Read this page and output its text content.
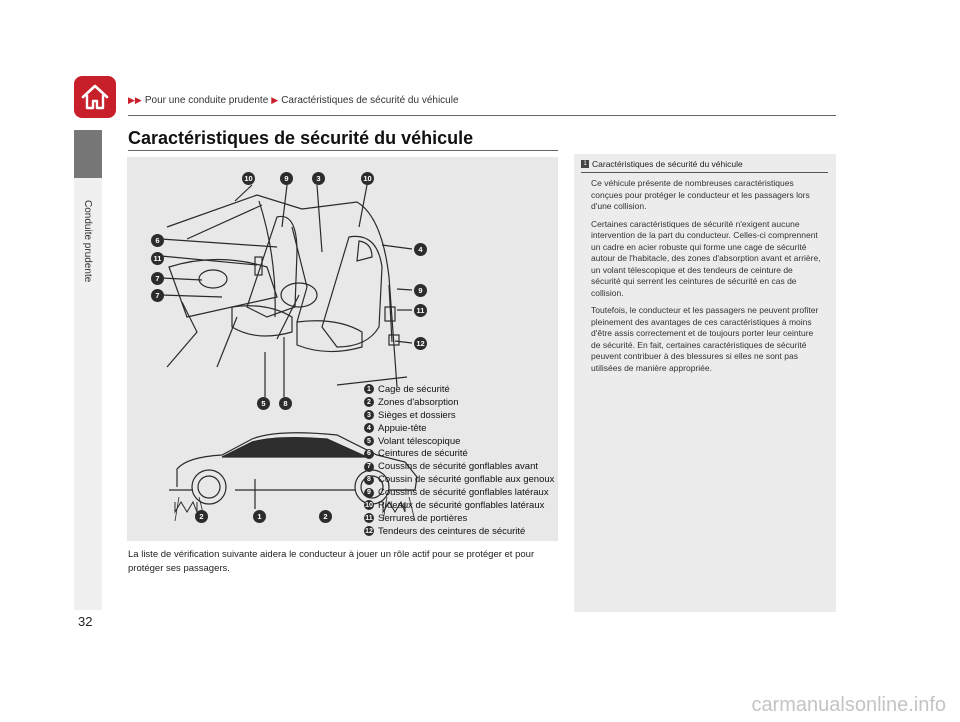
Conduite prudente
▶▶ Pour une conduite prudente ▶ Caractéristiques de sécurité du véhicule
Caractéristiques de sécurité du véhicule
10	9	3	10
6
11
7
7
4
9
11
12
5	8
2	1	2
1 Cage de sécurité
2 Zones d'absorption
3 Sièges et dossiers
4 Appuie-tête
5 Volant télescopique
6 Ceintures de sécurité
7 Coussins de sécurité gonflables avant
8 Coussin de sécurité gonflable aux genoux
9 Coussins de sécurité gonflables latéraux
10 Rideaux de sécurité gonflables latéraux
11 Serrures de portières
12 Tendeurs des ceintures de sécurité
La liste de vérification suivante aidera le conducteur à jouer un rôle actif pour se protéger et pour protéger ses passagers.
1 Caractéristiques de sécurité du véhicule

Ce véhicule présente de nombreuses caractéristiques conçues pour protéger le conducteur et les passagers lors d'une collision.

Certaines caractéristiques de sécurité n'exigent aucune intervention de la part du conducteur. Celles-ci comprennent un cadre en acier robuste qui forme une cage de sécurité autour de l'habitacle, des zones d'absorption avant et arrière, un volant télescopique et des tendeurs de ceinture de sécurité qui serrent les ceintures de sécurité en cas de collision.

Toutefois, le conducteur et les passagers ne peuvent profiter pleinement des avantages de ces caractéristiques à moins d'être assis correctement et de toujours porter leur ceinture de sécurité. En fait, certaines caractéristiques de sécurité peuvent contribuer à des blessures si elles ne sont pas utilisées de manière appropriée.

32
carmanualsonline.info
